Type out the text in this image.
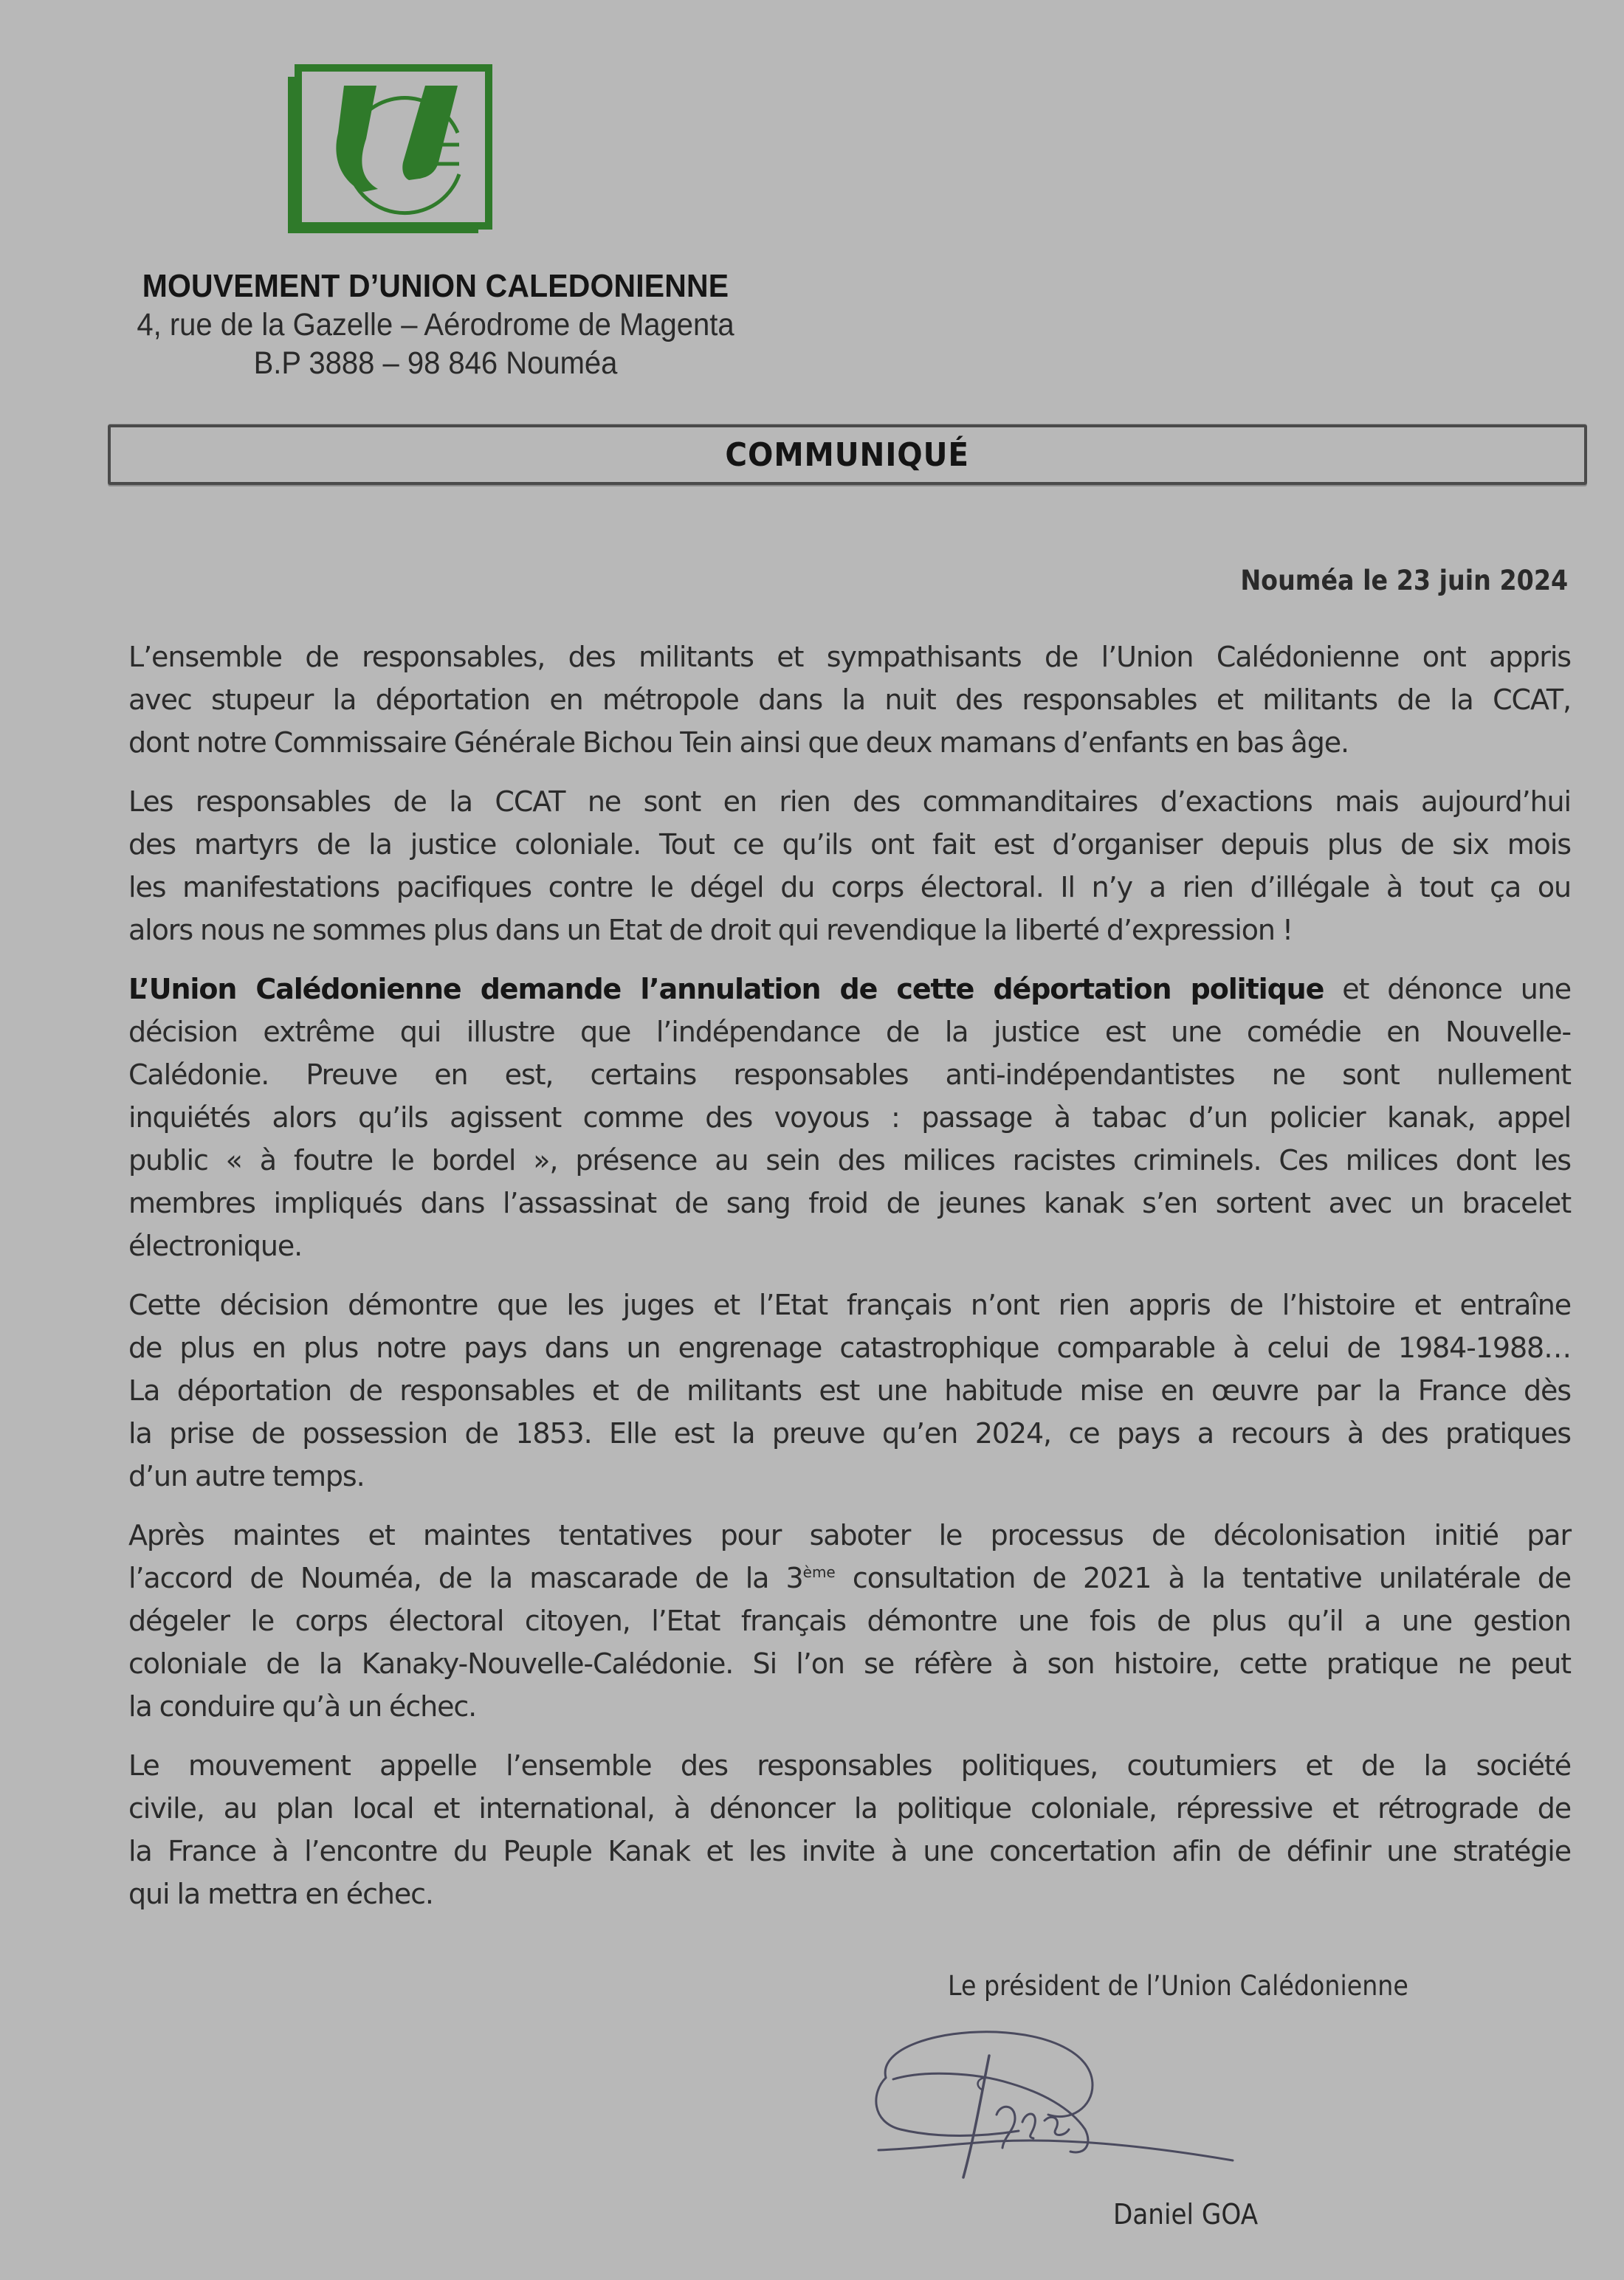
MOUVEMENT D’UNION CALEDONIENNE
4, rue de la Gazelle – Aérodrome de Magenta
B.P 3888 – 98 846 Nouméa
COMMUNIQUÉ
Nouméa le 23 juin 2024
L’ensemble de responsables, des militants et sympathisants de l’Union Calédonienne ont appris
avec stupeur la déportation en métropole dans la nuit des responsables et militants de la CCAT,
dont notre Commissaire Générale Bichou Tein ainsi que deux mamans d’enfants en bas âge.
Les responsables de la CCAT ne sont en rien des commanditaires d’exactions mais aujourd’hui
des martyrs de la justice coloniale. Tout ce qu’ils ont fait est d’organiser depuis plus de six mois
les manifestations pacifiques contre le dégel du corps électoral. Il n’y a rien d’illégale à tout ça ou
alors nous ne sommes plus dans un Etat de droit qui revendique la liberté d’expression !
L’Union Calédonienne demande l’annulation de cette déportation politique et dénonce une
décision extrême qui illustre que l’indépendance de la justice est une comédie en Nouvelle-
Calédonie. Preuve en est, certains responsables anti-indépendantistes ne sont nullement
inquiétés alors qu’ils agissent comme des voyous : passage à tabac d’un policier kanak, appel
public « à foutre le bordel », présence au sein des milices racistes criminels. Ces milices dont les
membres impliqués dans l’assassinat de sang froid de jeunes kanak s’en sortent avec un bracelet
électronique.
Cette décision démontre que les juges et l’Etat français n’ont rien appris de l’histoire et entraîne
de plus en plus notre pays dans un engrenage catastrophique comparable à celui de 1984-1988…
La déportation de responsables et de militants est une habitude mise en œuvre par la France dès
la prise de possession de 1853. Elle est la preuve qu’en 2024, ce pays a recours à des pratiques
d’un autre temps.
Après maintes et maintes tentatives pour saboter le processus de décolonisation initié par
l’accord de Nouméa, de la mascarade de la 3ème consultation de 2021 à la tentative unilatérale de
dégeler le corps électoral citoyen, l’Etat français démontre une fois de plus qu’il a une gestion
coloniale de la Kanaky-Nouvelle-Calédonie. Si l’on se réfère à son histoire, cette pratique ne peut
la conduire qu’à un échec.
Le mouvement appelle l’ensemble des responsables politiques, coutumiers et de la société
civile, au plan local et international, à dénoncer la politique coloniale, répressive et rétrograde de
la France à l’encontre du Peuple Kanak et les invite à une concertation afin de définir une stratégie
qui la mettra en échec.
Le président de l’Union Calédonienne
Daniel GOA
